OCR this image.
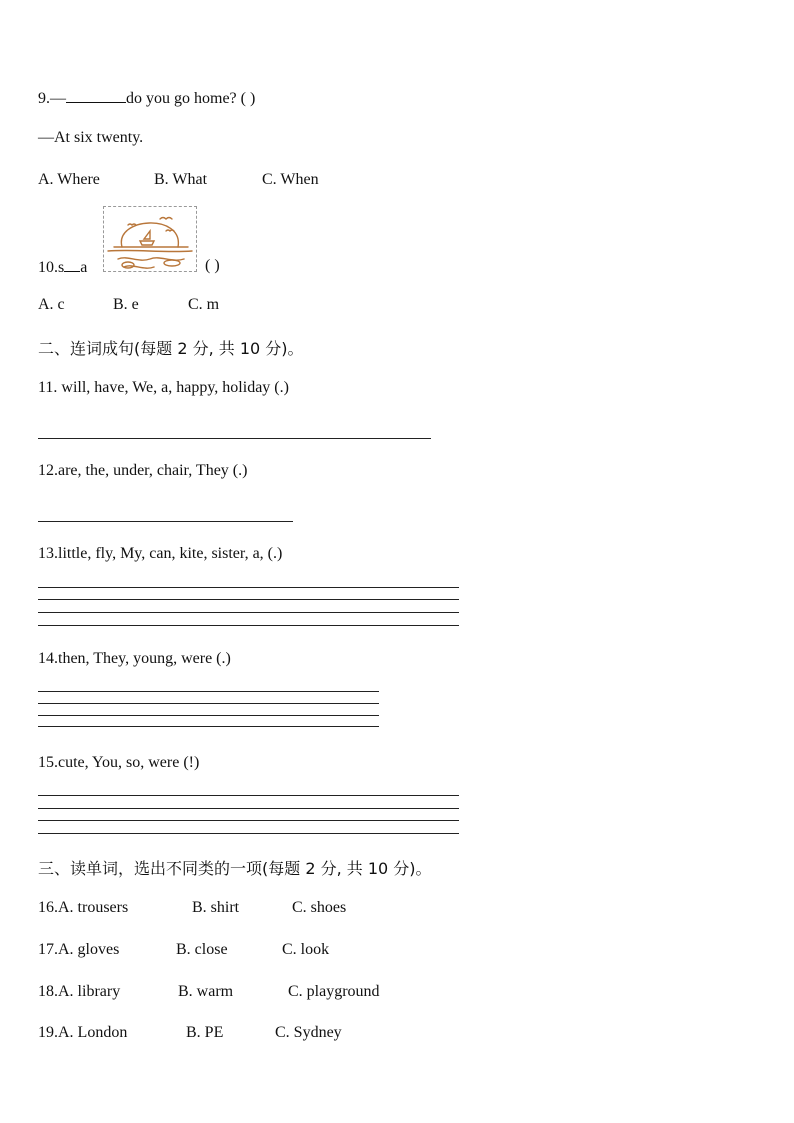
9.—	do you go home? ( )
—At six twenty.
A. Where	B. What	C. When
10.s a	( )
A. c	B. e	C. m
二、连词成句(每题 2 分, 共 10 分)。
11. will, have, We, a, happy, holiday (.)
12.are, the, under, chair, They (.)
13.little, fly, My, can, kite, sister, a, (.)
14.then, They, young, were (.)
15.cute, You, so, were (!)
三、读单词，选出不同类的一项(每题 2 分, 共 10 分)。
16.A. trousers	B. shirt	C. shoes
17.A. gloves	B. close	C. look
18.A. library	B. warm	C. playground
19.A. London	B. PE	C. Sydney
